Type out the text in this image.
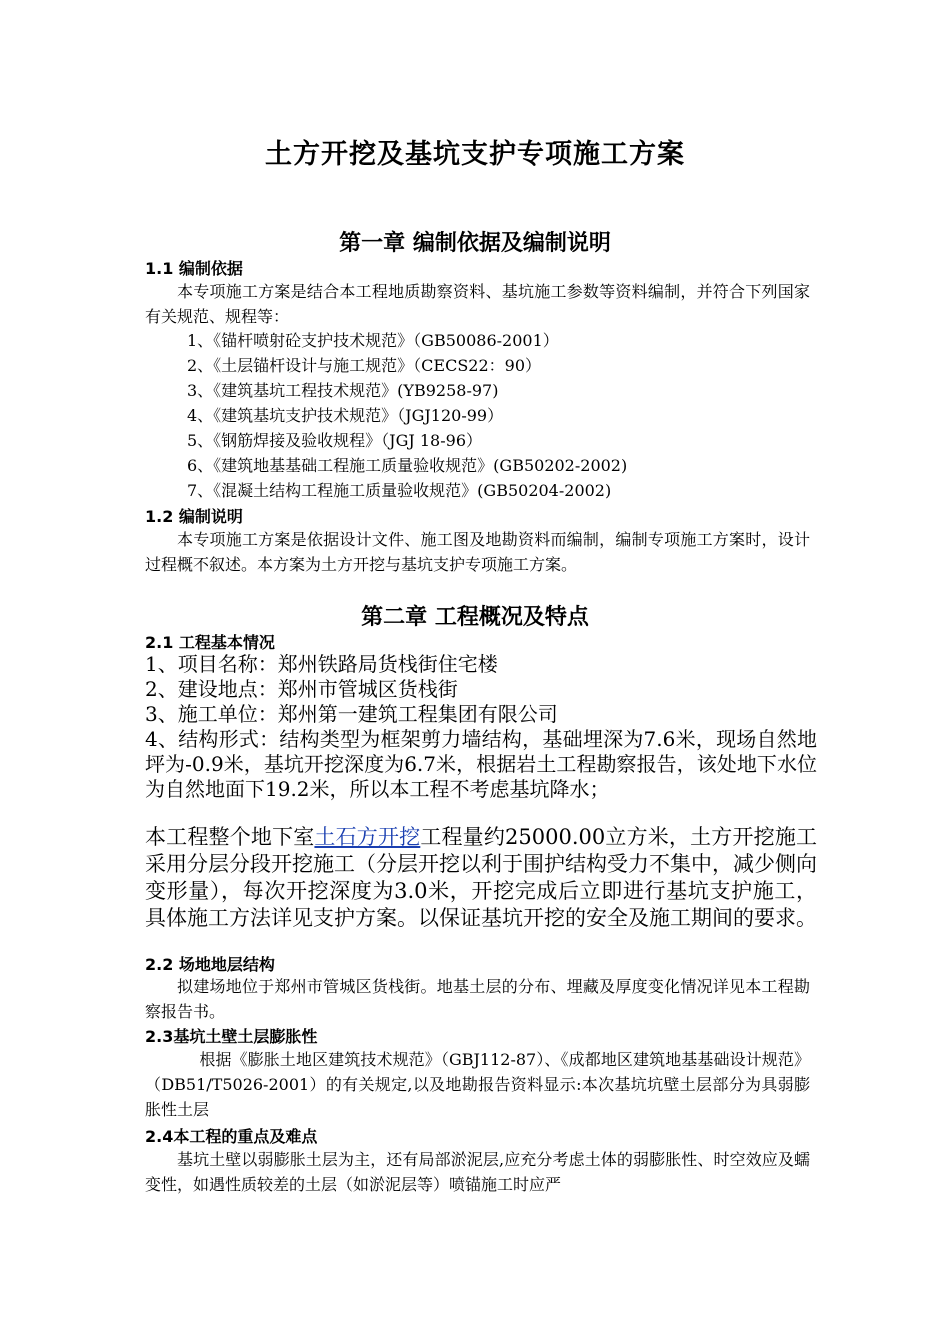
土方开挖及基坑支护专项施工方案
第一章 编制依据及编制说明
1.1 编制依据
本专项施工方案是结合本工程地质勘察资料、基坑施工参数等资料编制，并符合下列国家有关规范、规程等：
1、《锚杆喷射砼支护技术规范》（GB50086-2001）
2、《土层锚杆设计与施工规范》（CECS22：90）
3、《建筑基坑工程技术规范》(YB9258-97)
4、《建筑基坑支护技术规范》（JGJ120-99）
5、《钢筋焊接及验收规程》（JGJ 18-96）
6、《建筑地基基础工程施工质量验收规范》(GB50202-2002)
7、《混凝土结构工程施工质量验收规范》(GB50204-2002)
1.2 编制说明
本专项施工方案是依据设计文件、施工图及地勘资料而编制，编制专项施工方案时，设计过程概不叙述。本方案为土方开挖与基坑支护专项施工方案。
第二章 工程概况及特点
2.1 工程基本情况
1、项目名称：郑州铁路局货栈街住宅楼
2、建设地点：郑州市管城区货栈街
3、施工单位：郑州第一建筑工程集团有限公司
4、结构形式：结构类型为框架剪力墙结构，基础埋深为7.6米，现场自然地坪为-0.9米，基坑开挖深度为6.7米，根据岩土工程勘察报告，该处地下水位为自然地面下19.2米，所以本工程不考虑基坑降水；
本工程整个地下室土石方开挖工程量约25000.00立方米，土方开挖施工采用分层分段开挖施工（分层开挖以利于围护结构受力不集中，减少侧向变形量），每次开挖深度为3.0米，开挖完成后立即进行基坑支护施工，具体施工方法详见支护方案。以保证基坑开挖的安全及施工期间的要求。
2.2 场地地层结构
拟建场地位于郑州市管城区货栈街。地基土层的分布、埋藏及厚度变化情况详见本工程勘察报告书。
2.3基坑土壁土层膨胀性
根据《膨胀土地区建筑技术规范》（GBJ112-87）、《成都地区建筑地基基础设计规范》（DB51/T5026-2001）的有关规定,以及地勘报告资料显示:本次基坑坑壁土层部分为具弱膨胀性土层
2.4本工程的重点及难点
基坑土壁以弱膨胀土层为主，还有局部淤泥层,应充分考虑土体的弱膨胀性、时空效应及蠕变性，如遇性质较差的土层（如淤泥层等）喷锚施工时应严
